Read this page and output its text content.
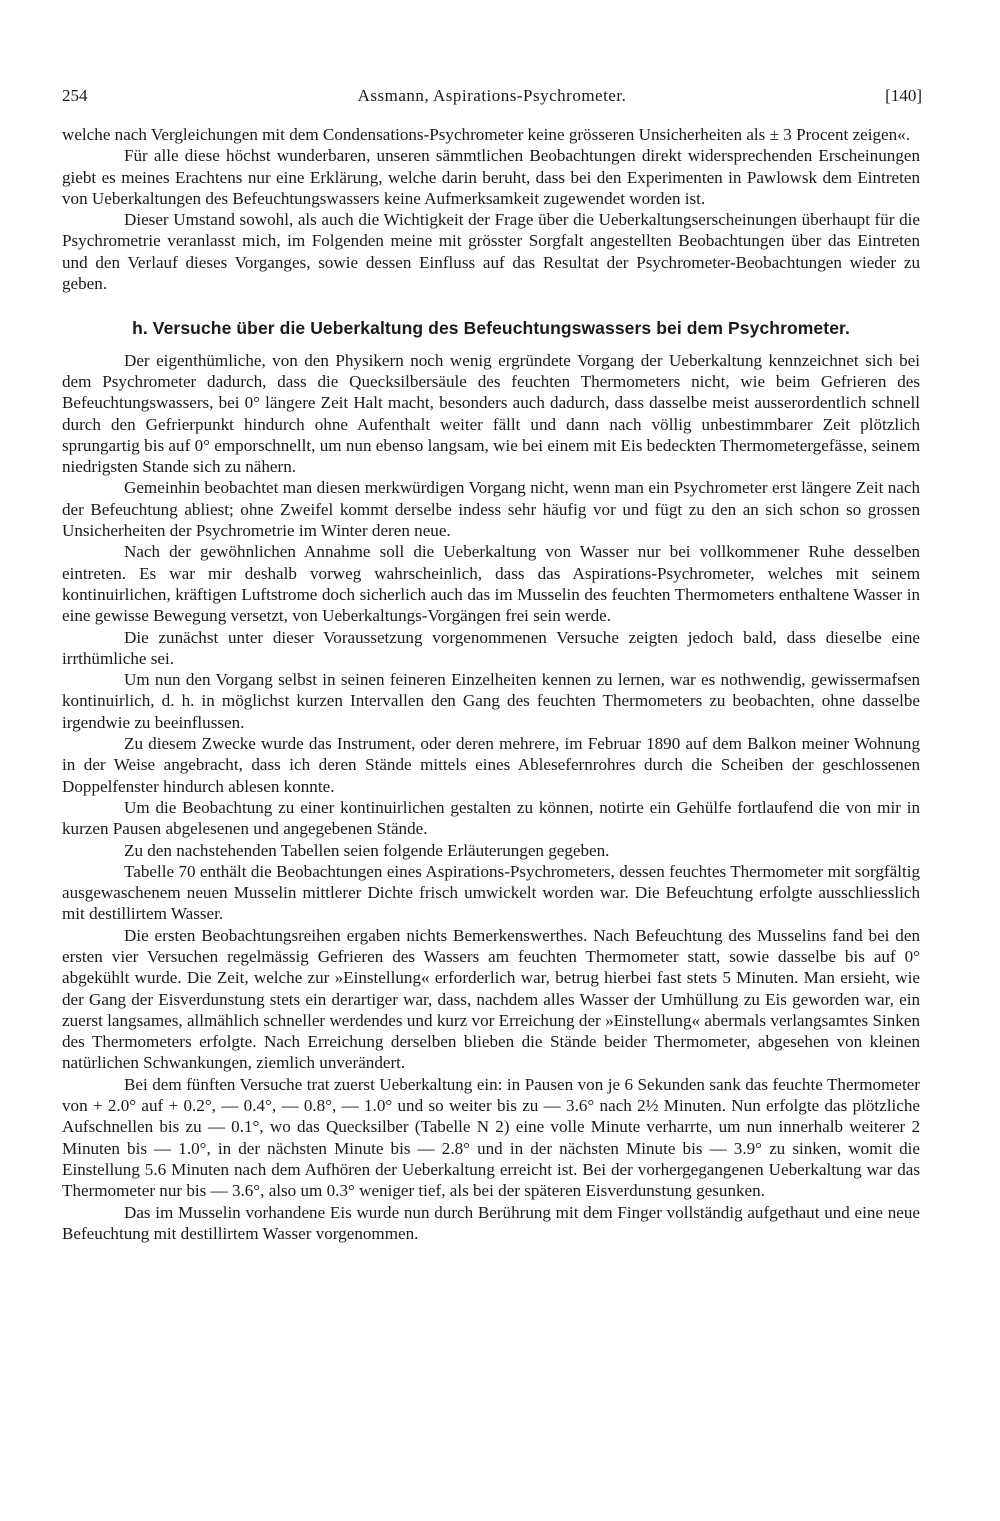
254	Assmann, Aspirations-Psychrometer.	[140]

welche nach Vergleichungen mit dem Condensations-Psychrometer keine grösseren Unsicherheiten als ± 3 Procent zeigen«.

Für alle diese höchst wunderbaren, unseren sämmtlichen Beobachtungen direkt widersprechenden Erscheinungen giebt es meines Erachtens nur eine Erklärung, welche darin beruht, dass bei den Experimenten in Pawlowsk dem Eintreten von Ueberkaltungen des Befeuchtungswassers keine Aufmerksamkeit zugewendet worden ist.

Dieser Umstand sowohl, als auch die Wichtigkeit der Frage über die Ueberkaltungserscheinungen überhaupt für die Psychrometrie veranlasst mich, im Folgenden meine mit grösster Sorgfalt angestellten Beobachtungen über das Eintreten und den Verlauf dieses Vorganges, sowie dessen Einfluss auf das Resultat der Psychrometer-Beobachtungen wieder zu geben.

h. Versuche über die Ueberkaltung des Befeuchtungswassers bei dem Psychrometer.

Der eigenthümliche, von den Physikern noch wenig ergründete Vorgang der Ueberkaltung kennzeichnet sich bei dem Psychrometer dadurch, dass die Quecksilbersäule des feuchten Thermometers nicht, wie beim Gefrieren des Befeuchtungswassers, bei 0° längere Zeit Halt macht, besonders auch dadurch, dass dasselbe meist ausserordentlich schnell durch den Gefrierpunkt hindurch ohne Aufenthalt weiter fällt und dann nach völlig unbestimmbarer Zeit plötzlich sprungartig bis auf 0° emporschnellt, um nun ebenso langsam, wie bei einem mit Eis bedeckten Thermometergefässe, seinem niedrigsten Stande sich zu nähern.

Gemeinhin beobachtet man diesen merkwürdigen Vorgang nicht, wenn man ein Psychrometer erst längere Zeit nach der Befeuchtung abliest; ohne Zweifel kommt derselbe indess sehr häufig vor und fügt zu den an sich schon so grossen Unsicherheiten der Psychrometrie im Winter deren neue.

Nach der gewöhnlichen Annahme soll die Ueberkaltung von Wasser nur bei vollkommener Ruhe desselben eintreten. Es war mir deshalb vorweg wahrscheinlich, dass das Aspirations-Psychrometer, welches mit seinem kontinuirlichen, kräftigen Luftstrome doch sicherlich auch das im Musselin des feuchten Thermometers enthaltene Wasser in eine gewisse Bewegung versetzt, von Ueberkaltungs-Vorgängen frei sein werde.

Die zunächst unter dieser Voraussetzung vorgenommenen Versuche zeigten jedoch bald, dass dieselbe eine irrthümliche sei.

Um nun den Vorgang selbst in seinen feineren Einzelheiten kennen zu lernen, war es nothwendig, gewissermafsen kontinuirlich, d. h. in möglichst kurzen Intervallen den Gang des feuchten Thermometers zu beobachten, ohne dasselbe irgendwie zu beeinflussen.

Zu diesem Zwecke wurde das Instrument, oder deren mehrere, im Februar 1890 auf dem Balkon meiner Wohnung in der Weise angebracht, dass ich deren Stände mittels eines Ablesefernrohres durch die Scheiben der geschlossenen Doppelfenster hindurch ablesen konnte.

Um die Beobachtung zu einer kontinuirlichen gestalten zu können, notirte ein Gehülfe fortlaufend die von mir in kurzen Pausen abgelesenen und angegebenen Stände.

Zu den nachstehenden Tabellen seien folgende Erläuterungen gegeben.

Tabelle 70 enthält die Beobachtungen eines Aspirations-Psychrometers, dessen feuchtes Thermometer mit sorgfältig ausgewaschenem neuen Musselin mittlerer Dichte frisch umwickelt worden war. Die Befeuchtung erfolgte ausschliesslich mit destillirtem Wasser.

Die ersten Beobachtungsreihen ergaben nichts Bemerkenswerthes. Nach Befeuchtung des Musselins fand bei den ersten vier Versuchen regelmässig Gefrieren des Wassers am feuchten Thermometer statt, sowie dasselbe bis auf 0° abgekühlt wurde. Die Zeit, welche zur »Einstellung« erforderlich war, betrug hierbei fast stets 5 Minuten. Man ersieht, wie der Gang der Eisverdunstung stets ein derartiger war, dass, nachdem alles Wasser der Umhüllung zu Eis geworden war, ein zuerst langsames, allmählich schneller werdendes und kurz vor Erreichung der »Einstellung« abermals verlangsamtes Sinken des Thermometers erfolgte. Nach Erreichung derselben blieben die Stände beider Thermometer, abgesehen von kleinen natürlichen Schwankungen, ziemlich unverändert.

Bei dem fünften Versuche trat zuerst Ueberkaltung ein: in Pausen von je 6 Sekunden sank das feuchte Thermometer von + 2.0° auf + 0.2°, — 0.4°, — 0.8°, — 1.0° und so weiter bis zu — 3.6° nach 2½ Minuten. Nun erfolgte das plötzliche Aufschnellen bis zu — 0.1°, wo das Quecksilber (Tabelle N 2) eine volle Minute verharrte, um nun innerhalb weiterer 2 Minuten bis — 1.0°, in der nächsten Minute bis — 2.8° und in der nächsten Minute bis — 3.9° zu sinken, womit die Einstellung 5.6 Minuten nach dem Aufhören der Ueberkaltung erreicht ist. Bei der vorhergegangenen Ueberkaltung war das Thermometer nur bis — 3.6°, also um 0.3° weniger tief, als bei der späteren Eisverdunstung gesunken.

Das im Musselin vorhandene Eis wurde nun durch Berührung mit dem Finger vollständig aufgethaut und eine neue Befeuchtung mit destillirtem Wasser vorgenommen.
